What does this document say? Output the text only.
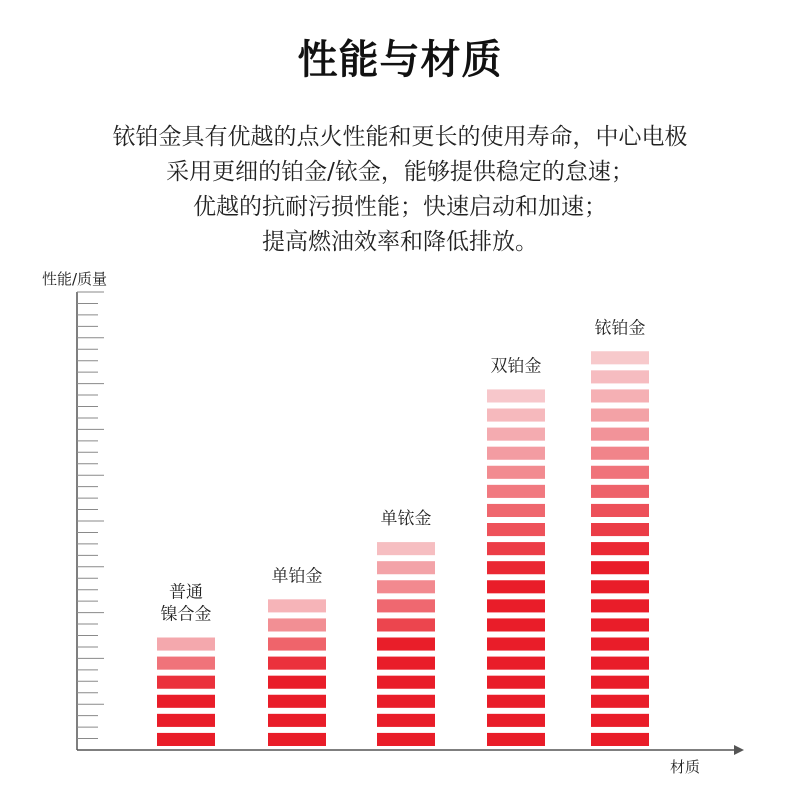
性能与材质
铱铂金具有优越的点火性能和更长的使用寿命，中心电极
采用更细的铂金/铱金，能够提供稳定的怠速；
优越的抗耐污损性能；快速启动和加速；
提高燃油效率和降低排放。
普通镍合金
单铂金
单铱金
双铂金
铱铂金
性能/质量
材质
